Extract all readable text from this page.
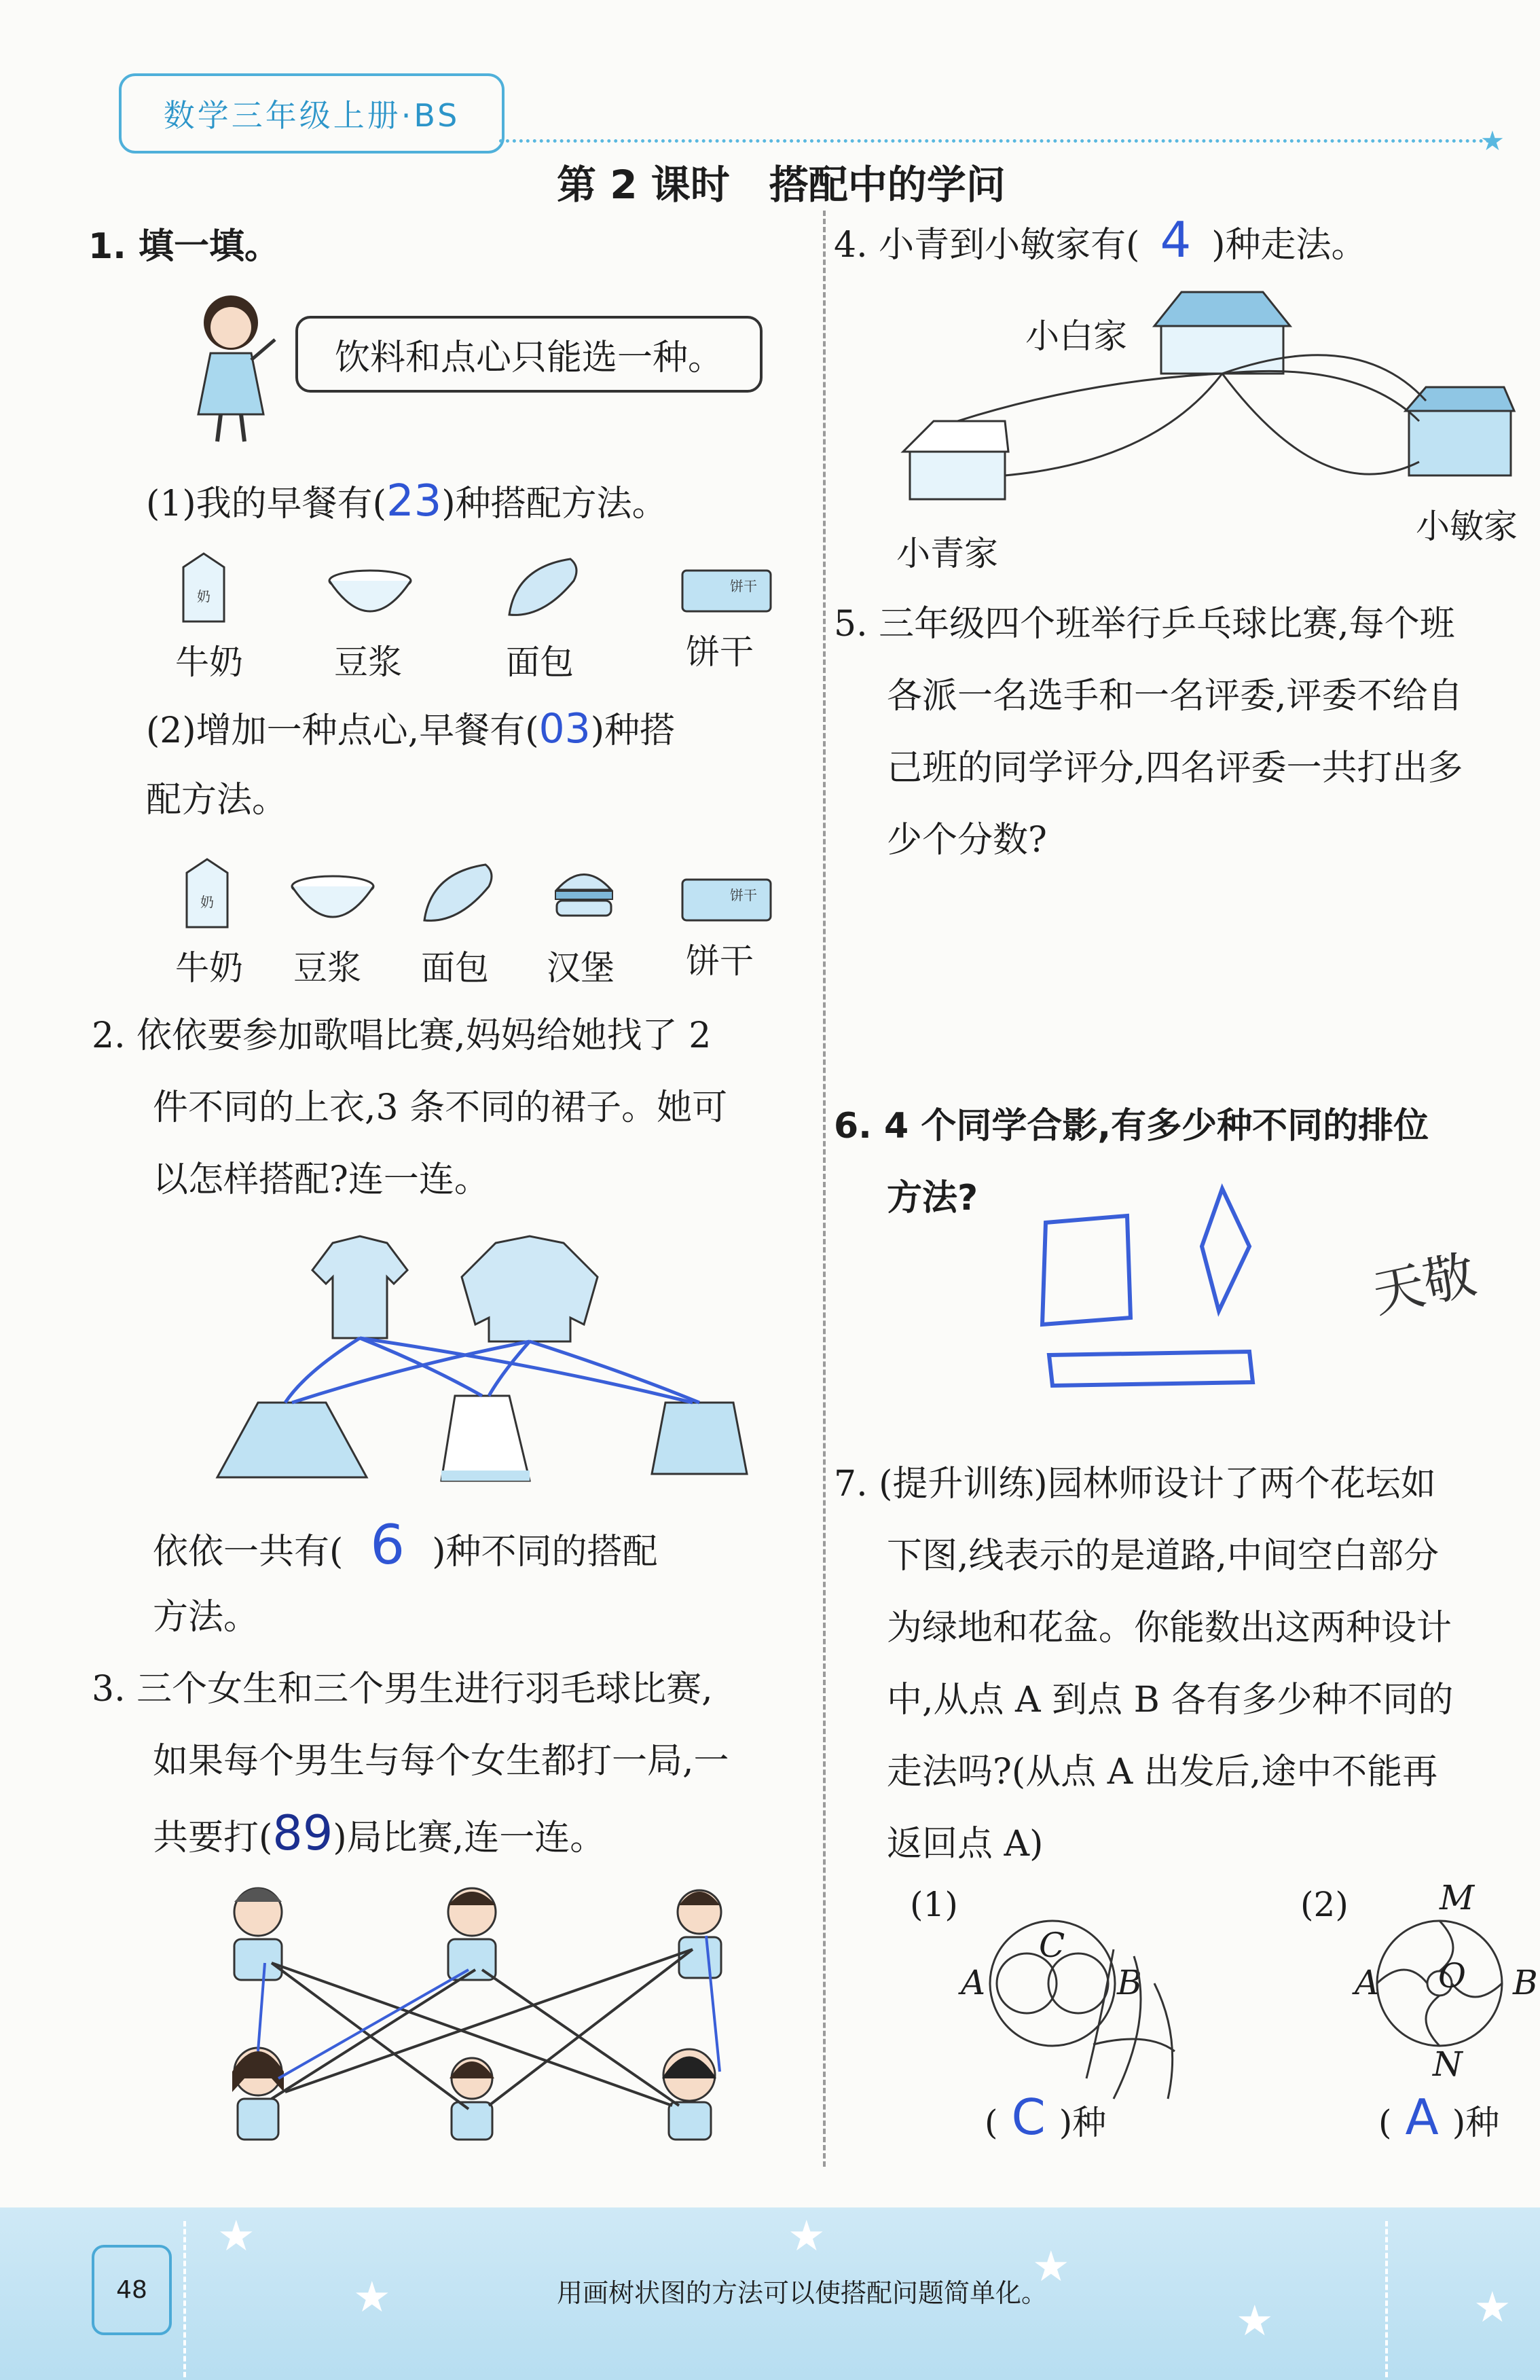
数学三年级上册·BS
★
第 2 课时　搭配中的学问
1. 填一填。
饮料和点心只能选一种。
(1)我的早餐有(23)种搭配方法。
奶
饼干
牛奶	豆浆	面包	饼干
(2)增加一种点心,早餐有(03)种搭
配方法。
奶	饼干
牛奶 豆浆 面包 汉堡 饼干
2. 依依要参加歌唱比赛,妈妈给她找了 2
件不同的上衣,3 条不同的裙子。她可
以怎样搭配?连一连。
依依一共有( 6 )种不同的搭配
方法。
3. 三个女生和三个男生进行羽毛球比赛,
如果每个男生与每个女生都打一局,一
共要打(89)局比赛,连一连。
4. 小青到小敏家有( 4 )种走法。
小白家
小青家
小敏家
5. 三年级四个班举行乒乓球比赛,每个班
各派一名选手和一名评委,评委不给自
己班的同学评分,四名评委一共打出多
少个分数?
6. 4 个同学合影,有多少种不同的排位
方法?
天敬
7. (提升训练)园林师设计了两个花坛如
下图,线表示的是道路,中间空白部分
为绿地和花盆。你能数出这两种设计
中,从点 A 到点 B 各有多少种不同的
走法吗?(从点 A 出发后,途中不能再
返回点 A)
(1)
A	B
C
( C )种
(2)
A	B
M
O
N
( A )种
48	用画树状图的方法可以使搭配问题简单化。
★
★
★
★
★	★
